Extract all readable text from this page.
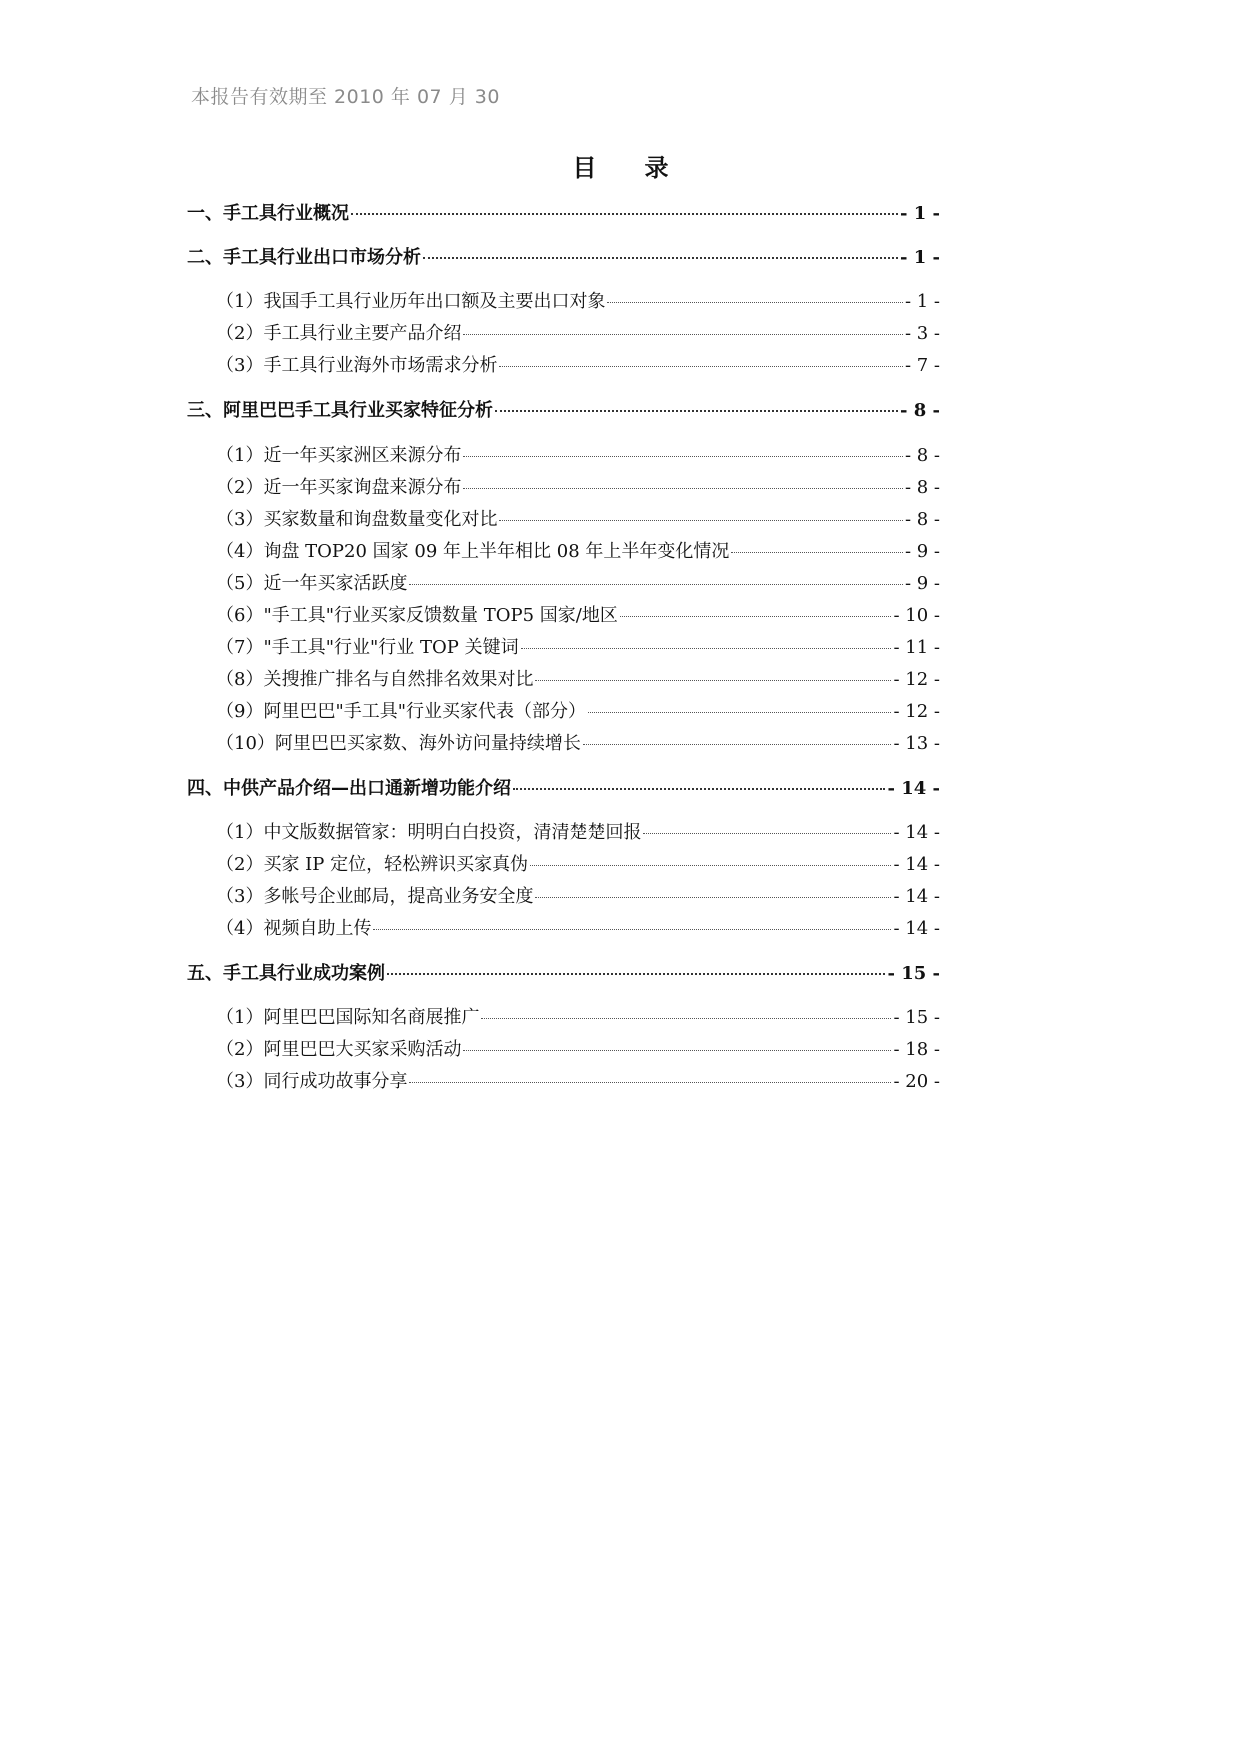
本报告有效期至 2010 年 07 月 30
目录
一、手工具行业概况	- 1 -
二、手工具行业出口市场分析	- 1 -
（1）我国手工具行业历年出口额及主要出口对象	- 1 -
（2）手工具行业主要产品介绍	- 3 -
（3）手工具行业海外市场需求分析	- 7 -
三、阿里巴巴手工具行业买家特征分析	- 8 -
（1）近一年买家洲区来源分布	- 8 -
（2）近一年买家询盘来源分布	- 8 -
（3）买家数量和询盘数量变化对比	- 8 -
（4）询盘 TOP20 国家 09 年上半年相比 08 年上半年变化情况	- 9 -
（5）近一年买家活跃度	- 9 -
（6）"手工具"行业买家反馈数量 TOP5 国家/地区	- 10 -
（7）"手工具"行业"行业 TOP 关键词	- 11 -
（8）关搜推广排名与自然排名效果对比	- 12 -
（9）阿里巴巴"手工具"行业买家代表（部分）	- 12 -
（10）阿里巴巴买家数、海外访问量持续增长	- 13 -
四、中供产品介绍—出口通新增功能介绍	- 14 -
（1）中文版数据管家：明明白白投资，清清楚楚回报	- 14 -
（2）买家 IP 定位，轻松辨识买家真伪	- 14 -
（3）多帐号企业邮局，提高业务安全度	- 14 -
（4）视频自助上传	- 14 -
五、手工具行业成功案例	- 15 -
（1）阿里巴巴国际知名商展推广	- 15 -
（2）阿里巴巴大买家采购活动	- 18 -
（3）同行成功故事分享	- 20 -
